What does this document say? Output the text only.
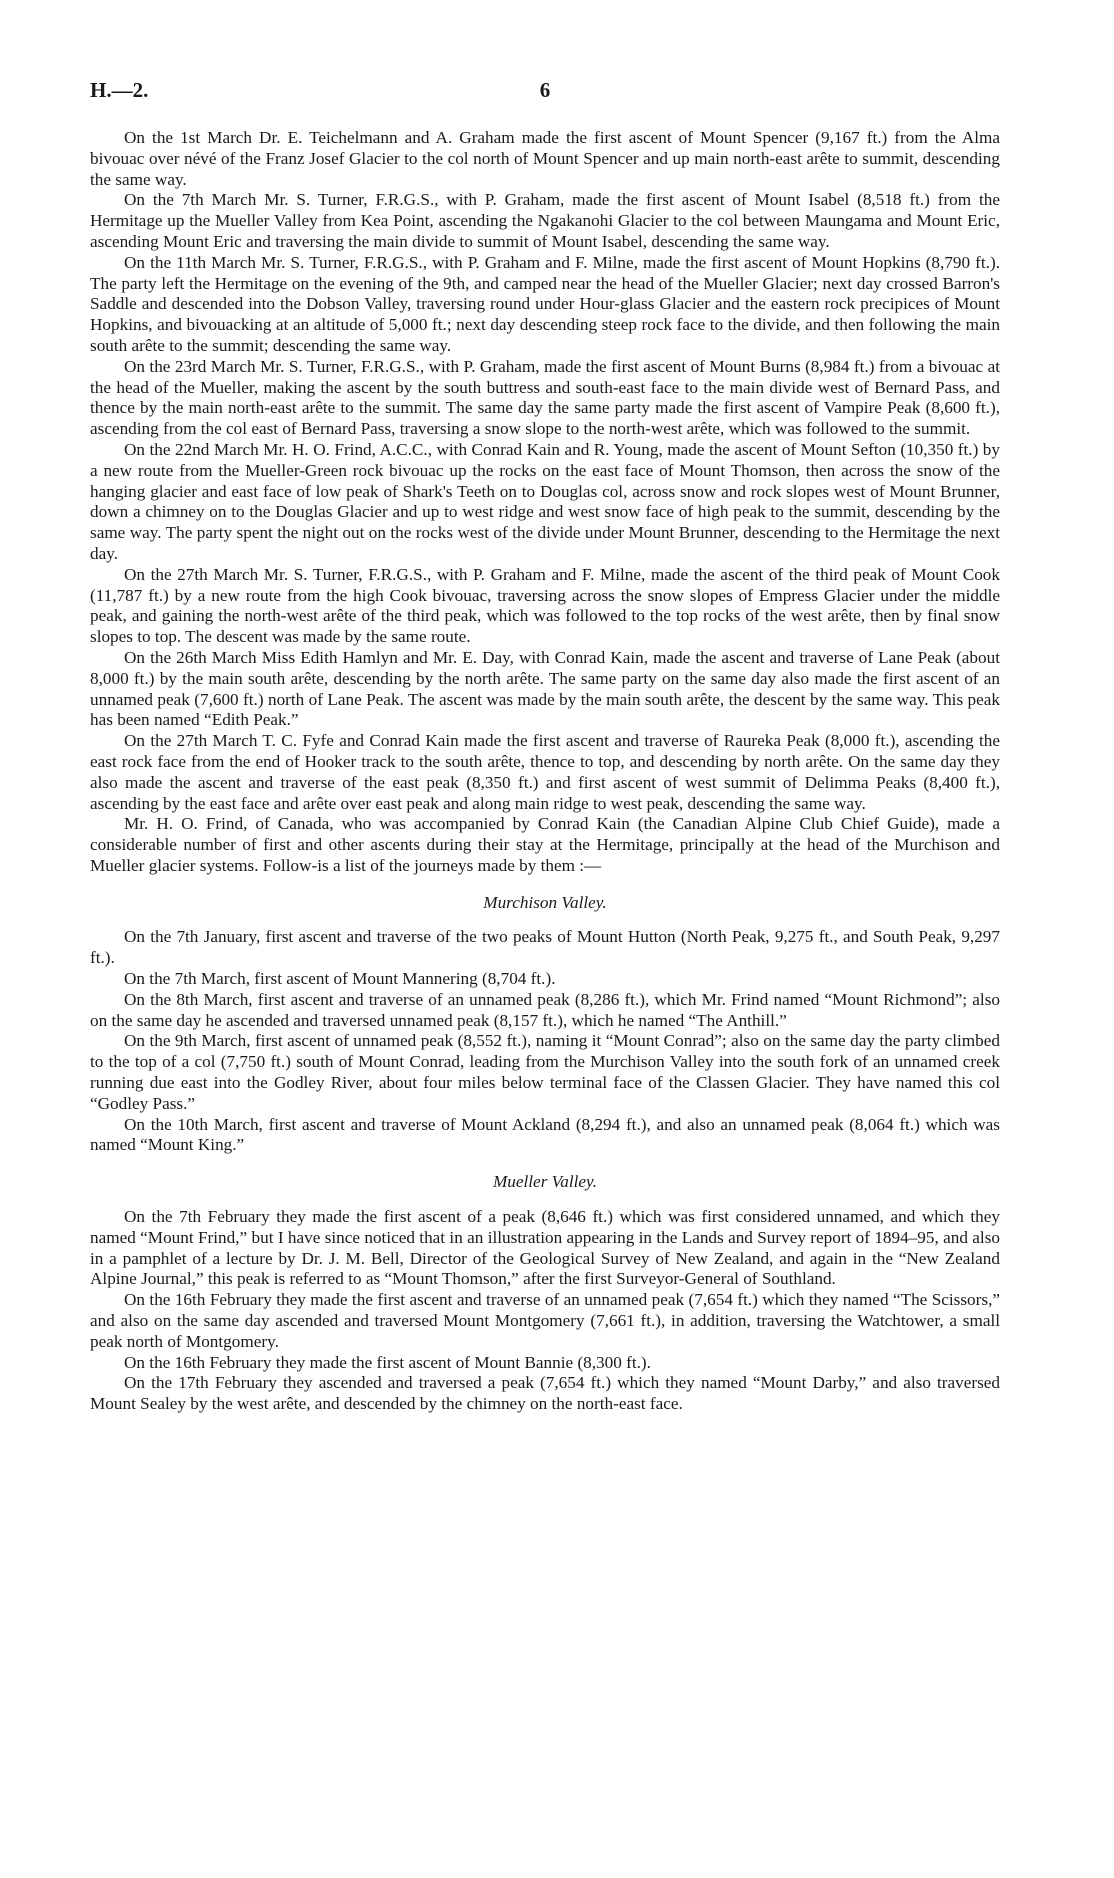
H.—2.	6

On the 1st March Dr. E. Teichelmann and A. Graham made the first ascent of Mount Spencer (9,167 ft.) from the Alma bivouac over névé of the Franz Josef Glacier to the col north of Mount Spencer and up main north-east arête to summit, descending the same way.

On the 7th March Mr. S. Turner, F.R.G.S., with P. Graham, made the first ascent of Mount Isabel (8,518 ft.) from the Hermitage up the Mueller Valley from Kea Point, ascending the Ngakanohi Glacier to the col between Maungama and Mount Eric, ascending Mount Eric and traversing the main divide to summit of Mount Isabel, descending the same way.

On the 11th March Mr. S. Turner, F.R.G.S., with P. Graham and F. Milne, made the first ascent of Mount Hopkins (8,790 ft.). The party left the Hermitage on the evening of the 9th, and camped near the head of the Mueller Glacier; next day crossed Barron's Saddle and descended into the Dobson Valley, traversing round under Hour-glass Glacier and the eastern rock precipices of Mount Hopkins, and bivouacking at an altitude of 5,000 ft.; next day descending steep rock face to the divide, and then following the main south arête to the summit; descending the same way.

On the 23rd March Mr. S. Turner, F.R.G.S., with P. Graham, made the first ascent of Mount Burns (8,984 ft.) from a bivouac at the head of the Mueller, making the ascent by the south buttress and south-east face to the main divide west of Bernard Pass, and thence by the main north-east arête to the summit. The same day the same party made the first ascent of Vampire Peak (8,600 ft.), ascending from the col east of Bernard Pass, traversing a snow slope to the north-west arête, which was followed to the summit.

On the 22nd March Mr. H. O. Frind, A.C.C., with Conrad Kain and R. Young, made the ascent of Mount Sefton (10,350 ft.) by a new route from the Mueller-Green rock bivouac up the rocks on the east face of Mount Thomson, then across the snow of the hanging glacier and east face of low peak of Shark's Teeth on to Douglas col, across snow and rock slopes west of Mount Brunner, down a chimney on to the Douglas Glacier and up to west ridge and west snow face of high peak to the summit, descending by the same way. The party spent the night out on the rocks west of the divide under Mount Brunner, descending to the Hermitage the next day.

On the 27th March Mr. S. Turner, F.R.G.S., with P. Graham and F. Milne, made the ascent of the third peak of Mount Cook (11,787 ft.) by a new route from the high Cook bivouac, traversing across the snow slopes of Empress Glacier under the middle peak, and gaining the north-west arête of the third peak, which was followed to the top rocks of the west arête, then by final snow slopes to top. The descent was made by the same route.

On the 26th March Miss Edith Hamlyn and Mr. E. Day, with Conrad Kain, made the ascent and traverse of Lane Peak (about 8,000 ft.) by the main south arête, descending by the north arête. The same party on the same day also made the first ascent of an unnamed peak (7,600 ft.) north of Lane Peak. The ascent was made by the main south arête, the descent by the same way. This peak has been named “Edith Peak.”

On the 27th March T. C. Fyfe and Conrad Kain made the first ascent and traverse of Raureka Peak (8,000 ft.), ascending the east rock face from the end of Hooker track to the south arête, thence to top, and descending by north arête. On the same day they also made the ascent and traverse of the east peak (8,350 ft.) and first ascent of west summit of Delimma Peaks (8,400 ft.), ascending by the east face and arête over east peak and along main ridge to west peak, descending the same way.

Mr. H. O. Frind, of Canada, who was accompanied by Conrad Kain (the Canadian Alpine Club Chief Guide), made a considerable number of first and other ascents during their stay at the Hermitage, principally at the head of the Murchison and Mueller glacier systems. Follow-is a list of the journeys made by them :—

Murchison Valley.

On the 7th January, first ascent and traverse of the two peaks of Mount Hutton (North Peak, 9,275 ft., and South Peak, 9,297 ft.).

On the 7th March, first ascent of Mount Mannering (8,704 ft.).

On the 8th March, first ascent and traverse of an unnamed peak (8,286 ft.), which Mr. Frind named “Mount Richmond”; also on the same day he ascended and traversed unnamed peak (8,157 ft.), which he named “The Anthill.”

On the 9th March, first ascent of unnamed peak (8,552 ft.), naming it “Mount Conrad”; also on the same day the party climbed to the top of a col (7,750 ft.) south of Mount Conrad, leading from the Murchison Valley into the south fork of an unnamed creek running due east into the Godley River, about four miles below terminal face of the Classen Glacier. They have named this col “Godley Pass.”

On the 10th March, first ascent and traverse of Mount Ackland (8,294 ft.), and also an unnamed peak (8,064 ft.) which was named “Mount King.”

Mueller Valley.

On the 7th February they made the first ascent of a peak (8,646 ft.) which was first considered unnamed, and which they named “Mount Frind,” but I have since noticed that in an illustration appearing in the Lands and Survey report of 1894–95, and also in a pamphlet of a lecture by Dr. J. M. Bell, Director of the Geological Survey of New Zealand, and again in the “New Zealand Alpine Journal,” this peak is referred to as “Mount Thomson,” after the first Surveyor-General of Southland.

On the 16th February they made the first ascent and traverse of an unnamed peak (7,654 ft.) which they named “The Scissors,” and also on the same day ascended and traversed Mount Montgomery (7,661 ft.), in addition, traversing the Watchtower, a small peak north of Montgomery.

On the 16th February they made the first ascent of Mount Bannie (8,300 ft.).

On the 17th February they ascended and traversed a peak (7,654 ft.) which they named “Mount Darby,” and also traversed Mount Sealey by the west arête, and descended by the chimney on the north-east face.
